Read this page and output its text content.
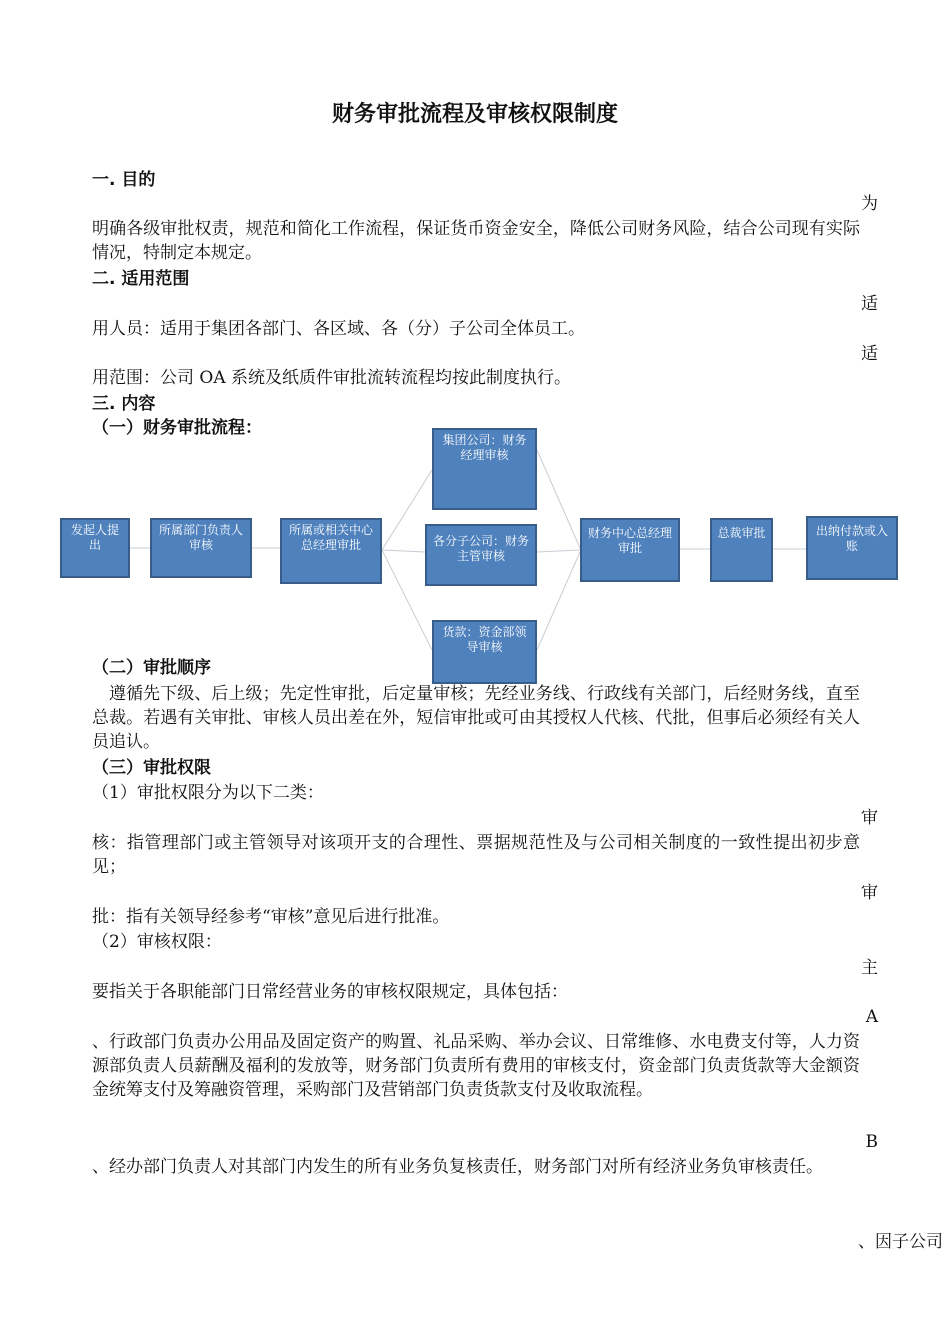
财务审批流程及审核权限制度
一. 目的
为
明确各级审批权责，规范和简化工作流程，保证货币资金安全，降低公司财务风险，结合公司现有实际情况，特制定本规定。
二. 适用范围
适
用人员：适用于集团各部门、各区域、各（分）子公司全体员工。
适
用范围：公司 OA 系统及纸质件审批流转流程均按此制度执行。
三. 内容
（一）财务审批流程：
发起人提出
所属部门负责人审核
所属或相关中心总经理审批
集团公司：财务经理审核
各分子公司：财务主管审核
货款：资金部领导审核
财务中心总经理审批
总裁审批	出纳付款或入账
（二）审批顺序
遵循先下级、后上级；先定性审批，后定量审核；先经业务线、行政线有关部门，后经财务线，直至总裁。若遇有关审批、审核人员出差在外，短信审批或可由其授权人代核、代批，但事后必须经有关人员追认。
（三）审批权限
（1）审批权限分为以下二类：
审
核：指管理部门或主管领导对该项开支的合理性、票据规范性及与公司相关制度的一致性提出初步意见；
审
批：指有关领导经参考“审核”意见后进行批准。
（2）审核权限：
主
要指关于各职能部门日常经营业务的审核权限规定，具体包括：
A
、行政部门负责办公用品及固定资产的购置、礼品采购、举办会议、日常维修、水电费支付等，人力资源部负责人员薪酬及福利的发放等，财务部门负责所有费用的审核支付，资金部门负责货款等大金额资金统筹支付及筹融资管理，采购部门及营销部门负责货款支付及收取流程。
B
、经办部门负责人对其部门内发生的所有业务负复核责任，财务部门对所有经济业务负审核责任。
、因子公司
